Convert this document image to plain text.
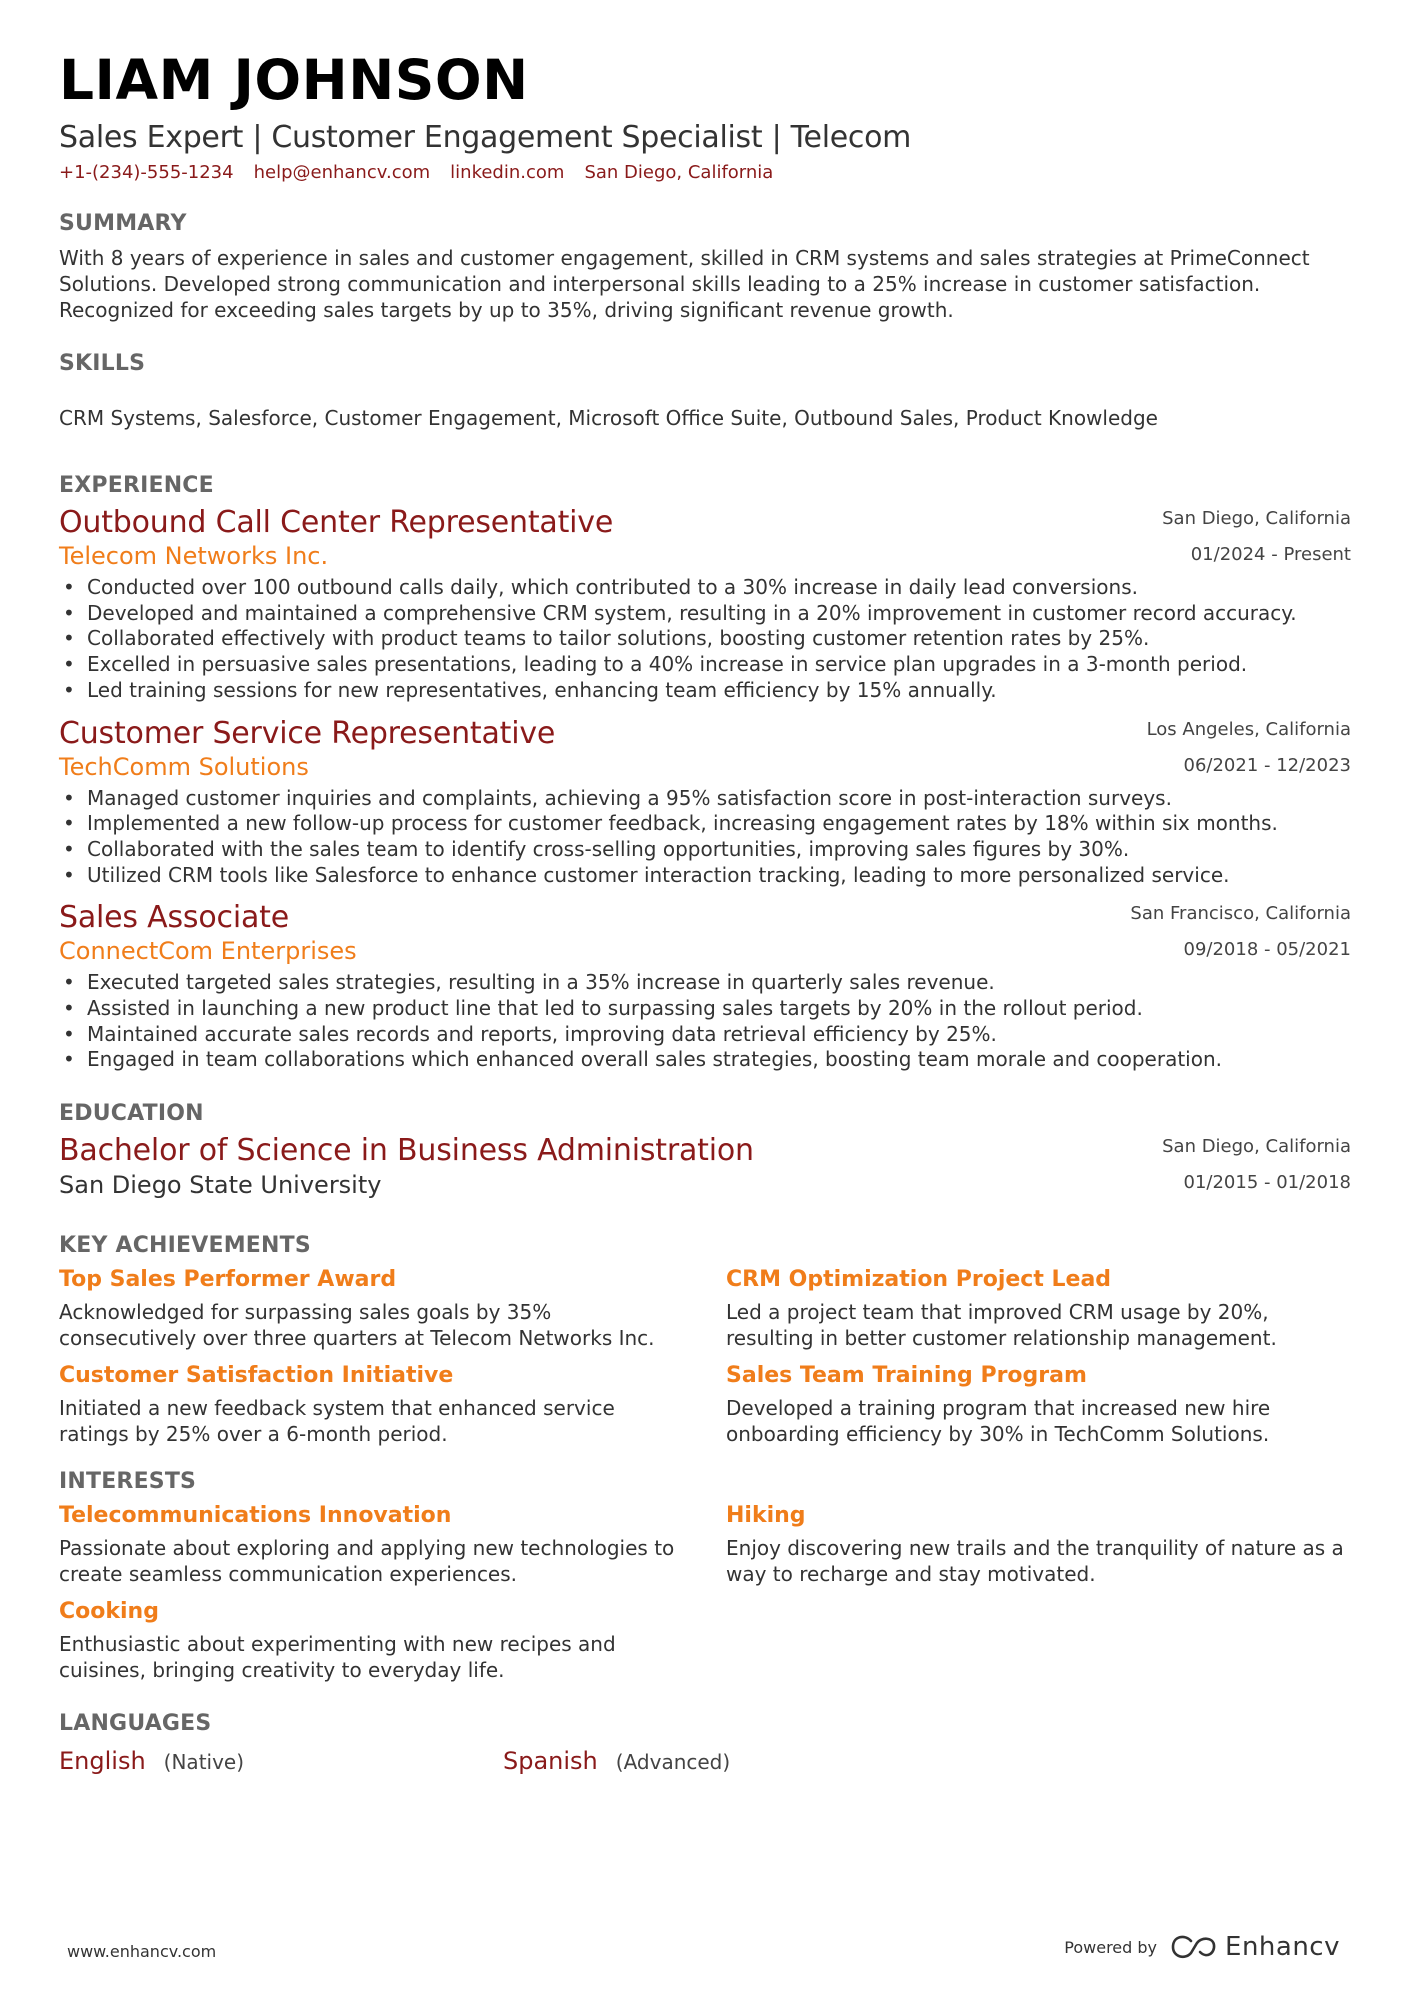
LIAM JOHNSON
Sales Expert | Customer Engagement Specialist | Telecom
+1-(234)-555-1234 help@enhancv.com linkedin.com San Diego, California
SUMMARY
With 8 years of experience in sales and customer engagement, skilled in CRM systems and sales strategies at PrimeConnect Solutions. Developed strong communication and interpersonal skills leading to a 25% increase in customer satisfaction. Recognized for exceeding sales targets by up to 35%, driving significant revenue growth.
SKILLS
CRM Systems, Salesforce, Customer Engagement, Microsoft Office Suite, Outbound Sales, Product Knowledge
EXPERIENCE
Outbound Call Center Representative
Telecom Networks Inc.
San Diego, California
01/2024 - Present
• Conducted over 100 outbound calls daily, which contributed to a 30% increase in daily lead conversions.
• Developed and maintained a comprehensive CRM system, resulting in a 20% improvement in customer record accuracy.
• Collaborated effectively with product teams to tailor solutions, boosting customer retention rates by 25%.
• Excelled in persuasive sales presentations, leading to a 40% increase in service plan upgrades in a 3-month period.
• Led training sessions for new representatives, enhancing team efficiency by 15% annually.
Customer Service Representative
TechComm Solutions
Los Angeles, California
06/2021 - 12/2023
• Managed customer inquiries and complaints, achieving a 95% satisfaction score in post-interaction surveys.
• Implemented a new follow-up process for customer feedback, increasing engagement rates by 18% within six months.
• Collaborated with the sales team to identify cross-selling opportunities, improving sales figures by 30%.
• Utilized CRM tools like Salesforce to enhance customer interaction tracking, leading to more personalized service.
Sales Associate
ConnectCom Enterprises
San Francisco, California
09/2018 - 05/2021
• Executed targeted sales strategies, resulting in a 35% increase in quarterly sales revenue.
• Assisted in launching a new product line that led to surpassing sales targets by 20% in the rollout period.
• Maintained accurate sales records and reports, improving data retrieval efficiency by 25%.
• Engaged in team collaborations which enhanced overall sales strategies, boosting team morale and cooperation.
EDUCATION
Bachelor of Science in Business Administration
San Diego State University
San Diego, California
01/2015 - 01/2018
KEY ACHIEVEMENTS
Top Sales Performer Award
Acknowledged for surpassing sales goals by 35% consecutively over three quarters at Telecom Networks Inc.
CRM Optimization Project Lead
Led a project team that improved CRM usage by 20%, resulting in better customer relationship management.
Customer Satisfaction Initiative
Initiated a new feedback system that enhanced service ratings by 25% over a 6-month period.
Sales Team Training Program
Developed a training program that increased new hire onboarding efficiency by 30% in TechComm Solutions.
INTERESTS
Telecommunications Innovation
Passionate about exploring and applying new technologies to create seamless communication experiences.
Hiking
Enjoy discovering new trails and the tranquility of nature as a way to recharge and stay motivated.
Cooking
Enthusiastic about experimenting with new recipes and cuisines, bringing creativity to everyday life.
LANGUAGES
English (Native)	Spanish (Advanced)
www.enhancv.com	Powered by	Enhancv
